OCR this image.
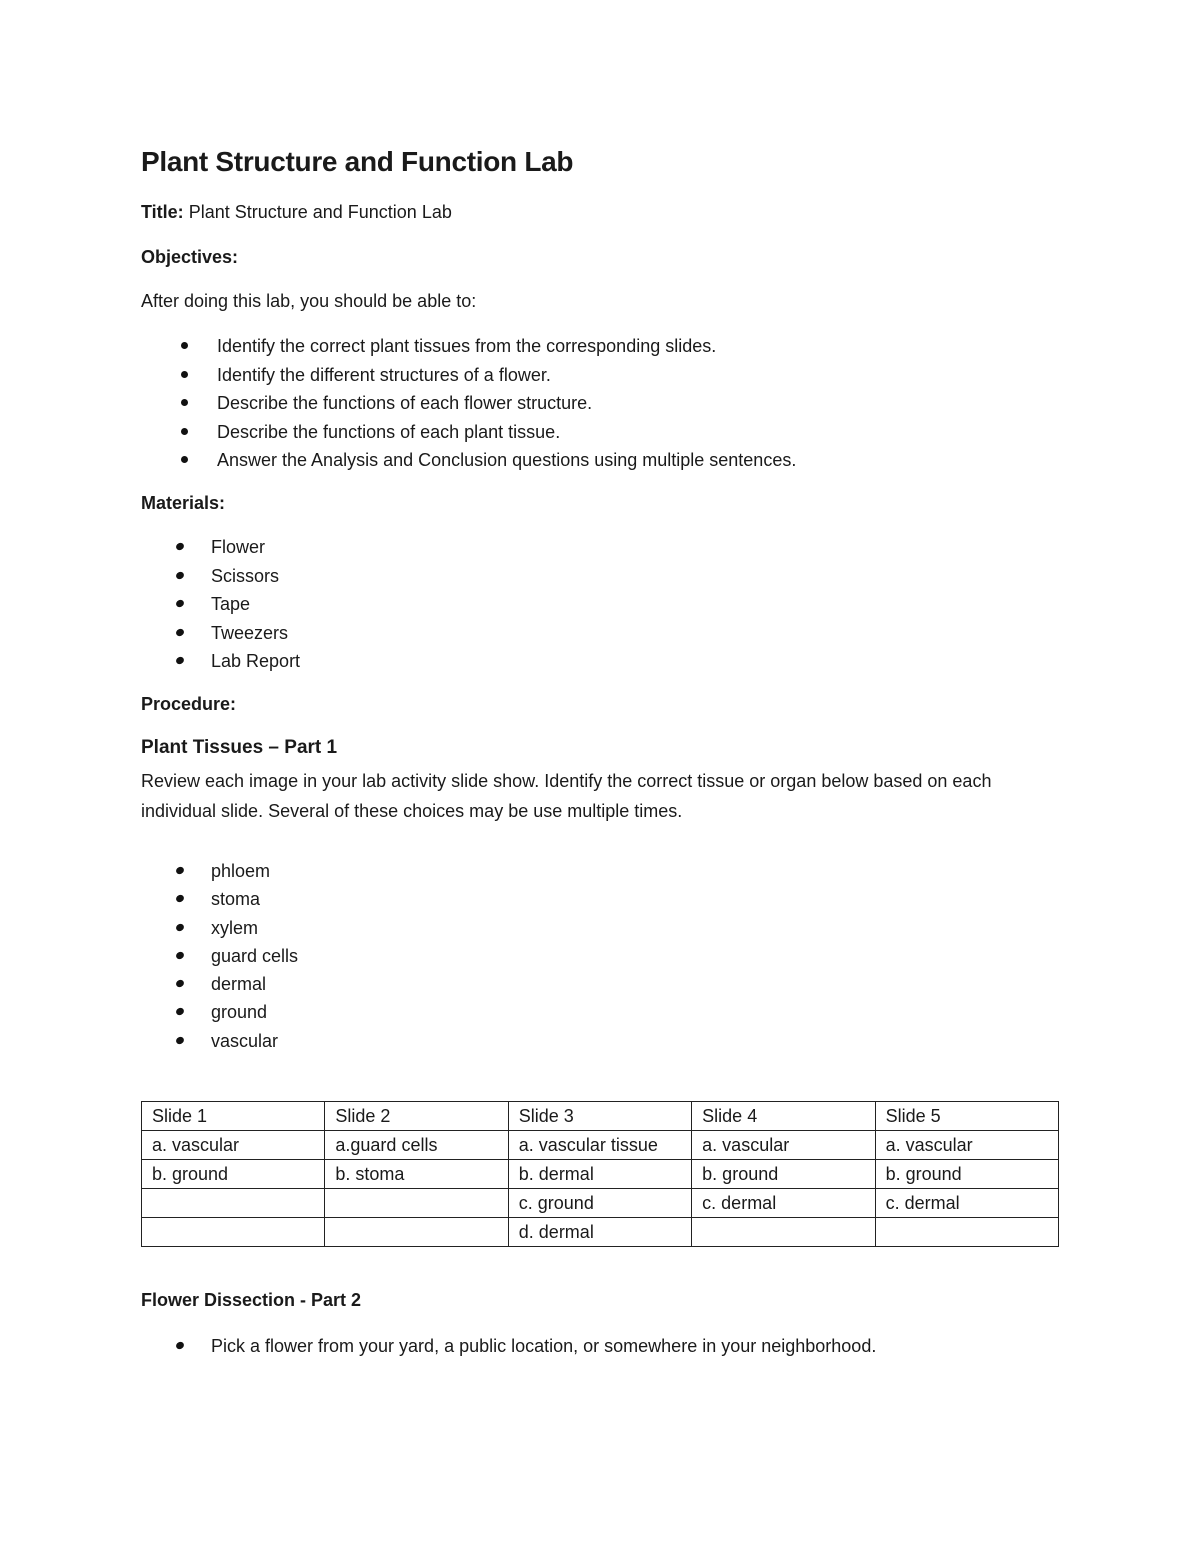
Plant Structure and Function Lab

Title: Plant Structure and Function Lab

Objectives:

After doing this lab, you should be able to:

Identify the correct plant tissues from the corresponding slides.
Identify the different structures of a flower.
Describe the functions of each flower structure.
Describe the functions of each plant tissue.
Answer the Analysis and Conclusion questions using multiple sentences.

Materials:

Flower
Scissors
Tape
Tweezers
Lab Report

Procedure:

Plant Tissues – Part 1

Review each image in your lab activity slide show. Identify the correct tissue or organ below based on each individual slide. Several of these choices may be use multiple times.

phloem
stoma
xylem
guard cells
dermal
ground
vascular
Slide 1	Slide 2	Slide 3	Slide 4	Slide 5
a. vascular	a.guard cells	a. vascular tissue	a. vascular	a. vascular
b. ground	b. stoma	b. dermal	b. ground	b. ground
		c. ground	c. dermal	c. dermal
		d. dermal		

Flower Dissection - Part 2

Pick a flower from your yard, a public location, or somewhere in your neighborhood.
